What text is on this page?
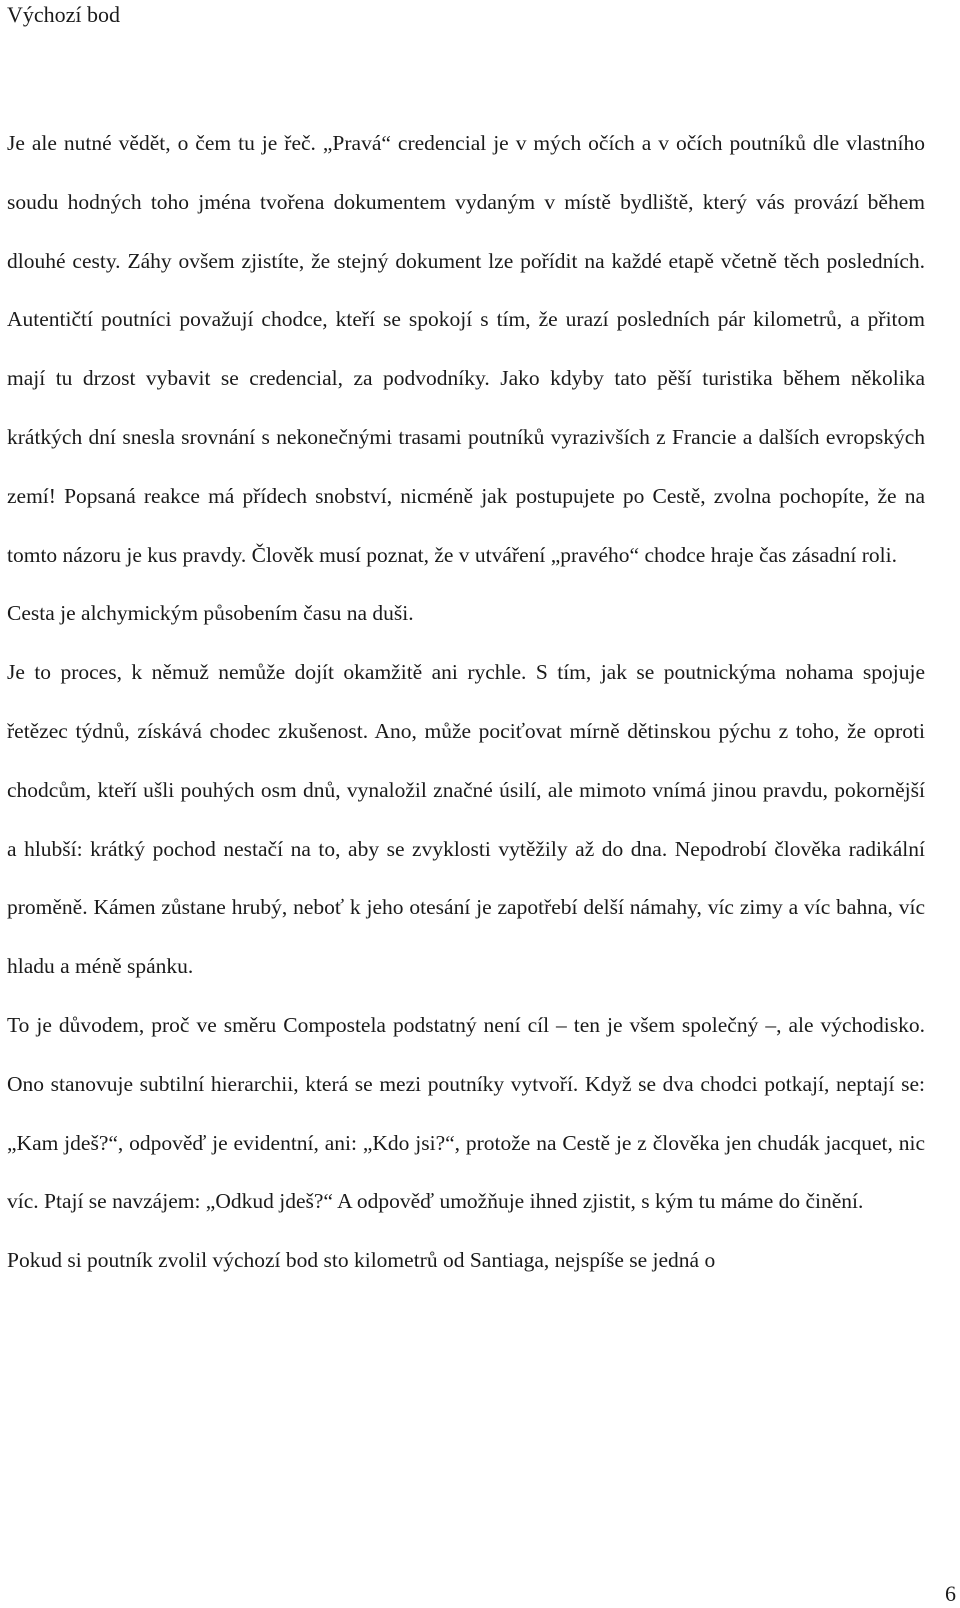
Výchozí bod

Je ale nutné vědět, o čem tu je řeč. „Pravá“ credencial je v mých očích a v očích poutníků dle vlastního soudu hodných toho jména tvořena dokumentem vydaným v místě bydliště, který vás provází během dlouhé cesty. Záhy ovšem zjistíte, že stejný dokument lze pořídit na každé etapě včetně těch posledních. Autentičtí poutníci považují chodce, kteří se spokojí s tím, že urazí posledních pár kilometrů, a přitom mají tu drzost vybavit se credencial, za podvodníky. Jako kdyby tato pěší turistika během několika krátkých dní snesla srovnání s nekonečnými trasami poutníků vyrazivších z Francie a dalších evropských zemí! Popsaná reakce má přídech snobství, nicméně jak postupujete po Cestě, zvolna pochopíte, že na tomto názoru je kus pravdy. Člověk musí poznat, že v utváření „pravého“ chodce hraje čas zásadní roli.

Cesta je alchymickým působením času na duši.

Je to proces, k němuž nemůže dojít okamžitě ani rychle. S tím, jak se poutnickýma nohama spojuje řetězec týdnů, získává chodec zkušenost. Ano, může pociťovat mírně dětinskou pýchu z toho, že oproti chodcům, kteří ušli pouhých osm dnů, vynaložil značné úsilí, ale mimoto vnímá jinou pravdu, pokornější a hlubší: krátký pochod nestačí na to, aby se zvyklosti vytěžily až do dna. Nepodrobí člověka radikální proměně. Kámen zůstane hrubý, neboť k jeho otesání je zapotřebí delší námahy, víc zimy a víc bahna, víc hladu a méně spánku.

To je důvodem, proč ve směru Compostela podstatný není cíl – ten je všem společný –, ale východisko. Ono stanovuje subtilní hierarchii, která se mezi poutníky vytvoří. Když se dva chodci potkají, neptají se: „Kam jdeš?“, odpověď je evidentní, ani: „Kdo jsi?“, protože na Cestě je z člověka jen chudák jacquet, nic víc. Ptají se navzájem: „Odkud jdeš?“ A odpověď umožňuje ihned zjistit, s kým tu máme do činění.

Pokud si poutník zvolil výchozí bod sto kilometrů od Santiaga, nejspíše se jedná o

6
